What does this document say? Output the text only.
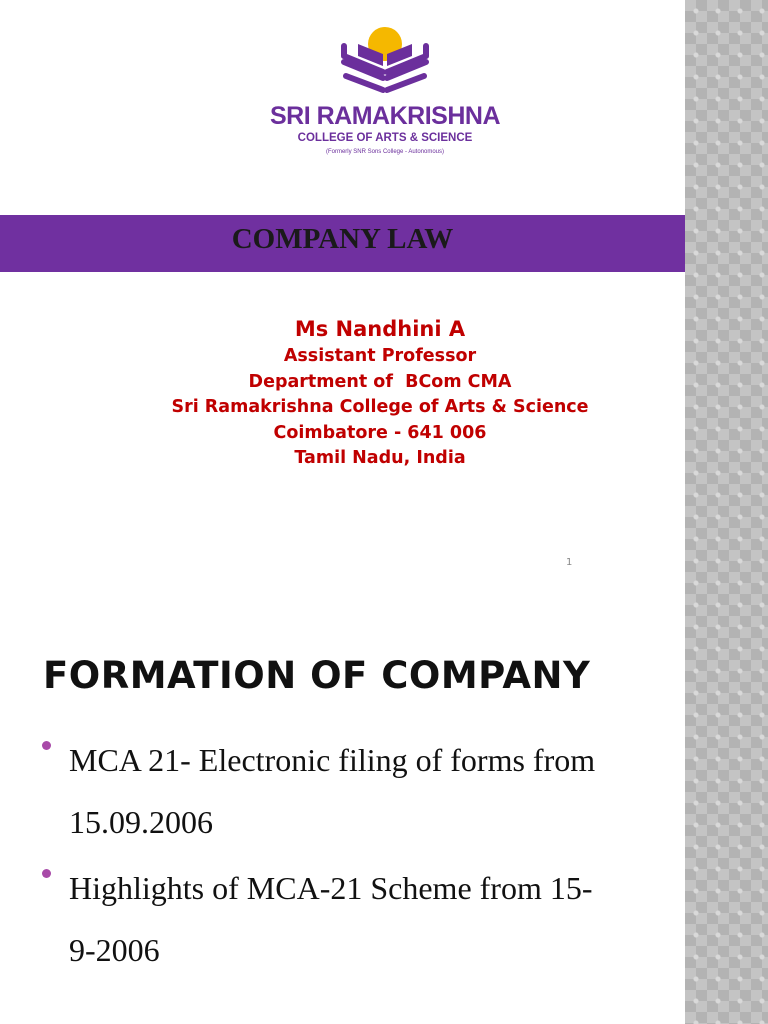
SRI RAMAKRISHNA
COLLEGE OF ARTS & SCIENCE
(Formerly SNR Sons College - Autonomous)
COMPANY LAW
Ms Nandhini A
Assistant Professor
Department of  BCom CMA
Sri Ramakrishna College of Arts & Science
Coimbatore - 641 006
Tamil Nadu, India
1
FORMATION OF COMPANY
MCA 21- Electronic filing of forms from
15.09.2006
Highlights of MCA-21 Scheme from 15-
9-2006
